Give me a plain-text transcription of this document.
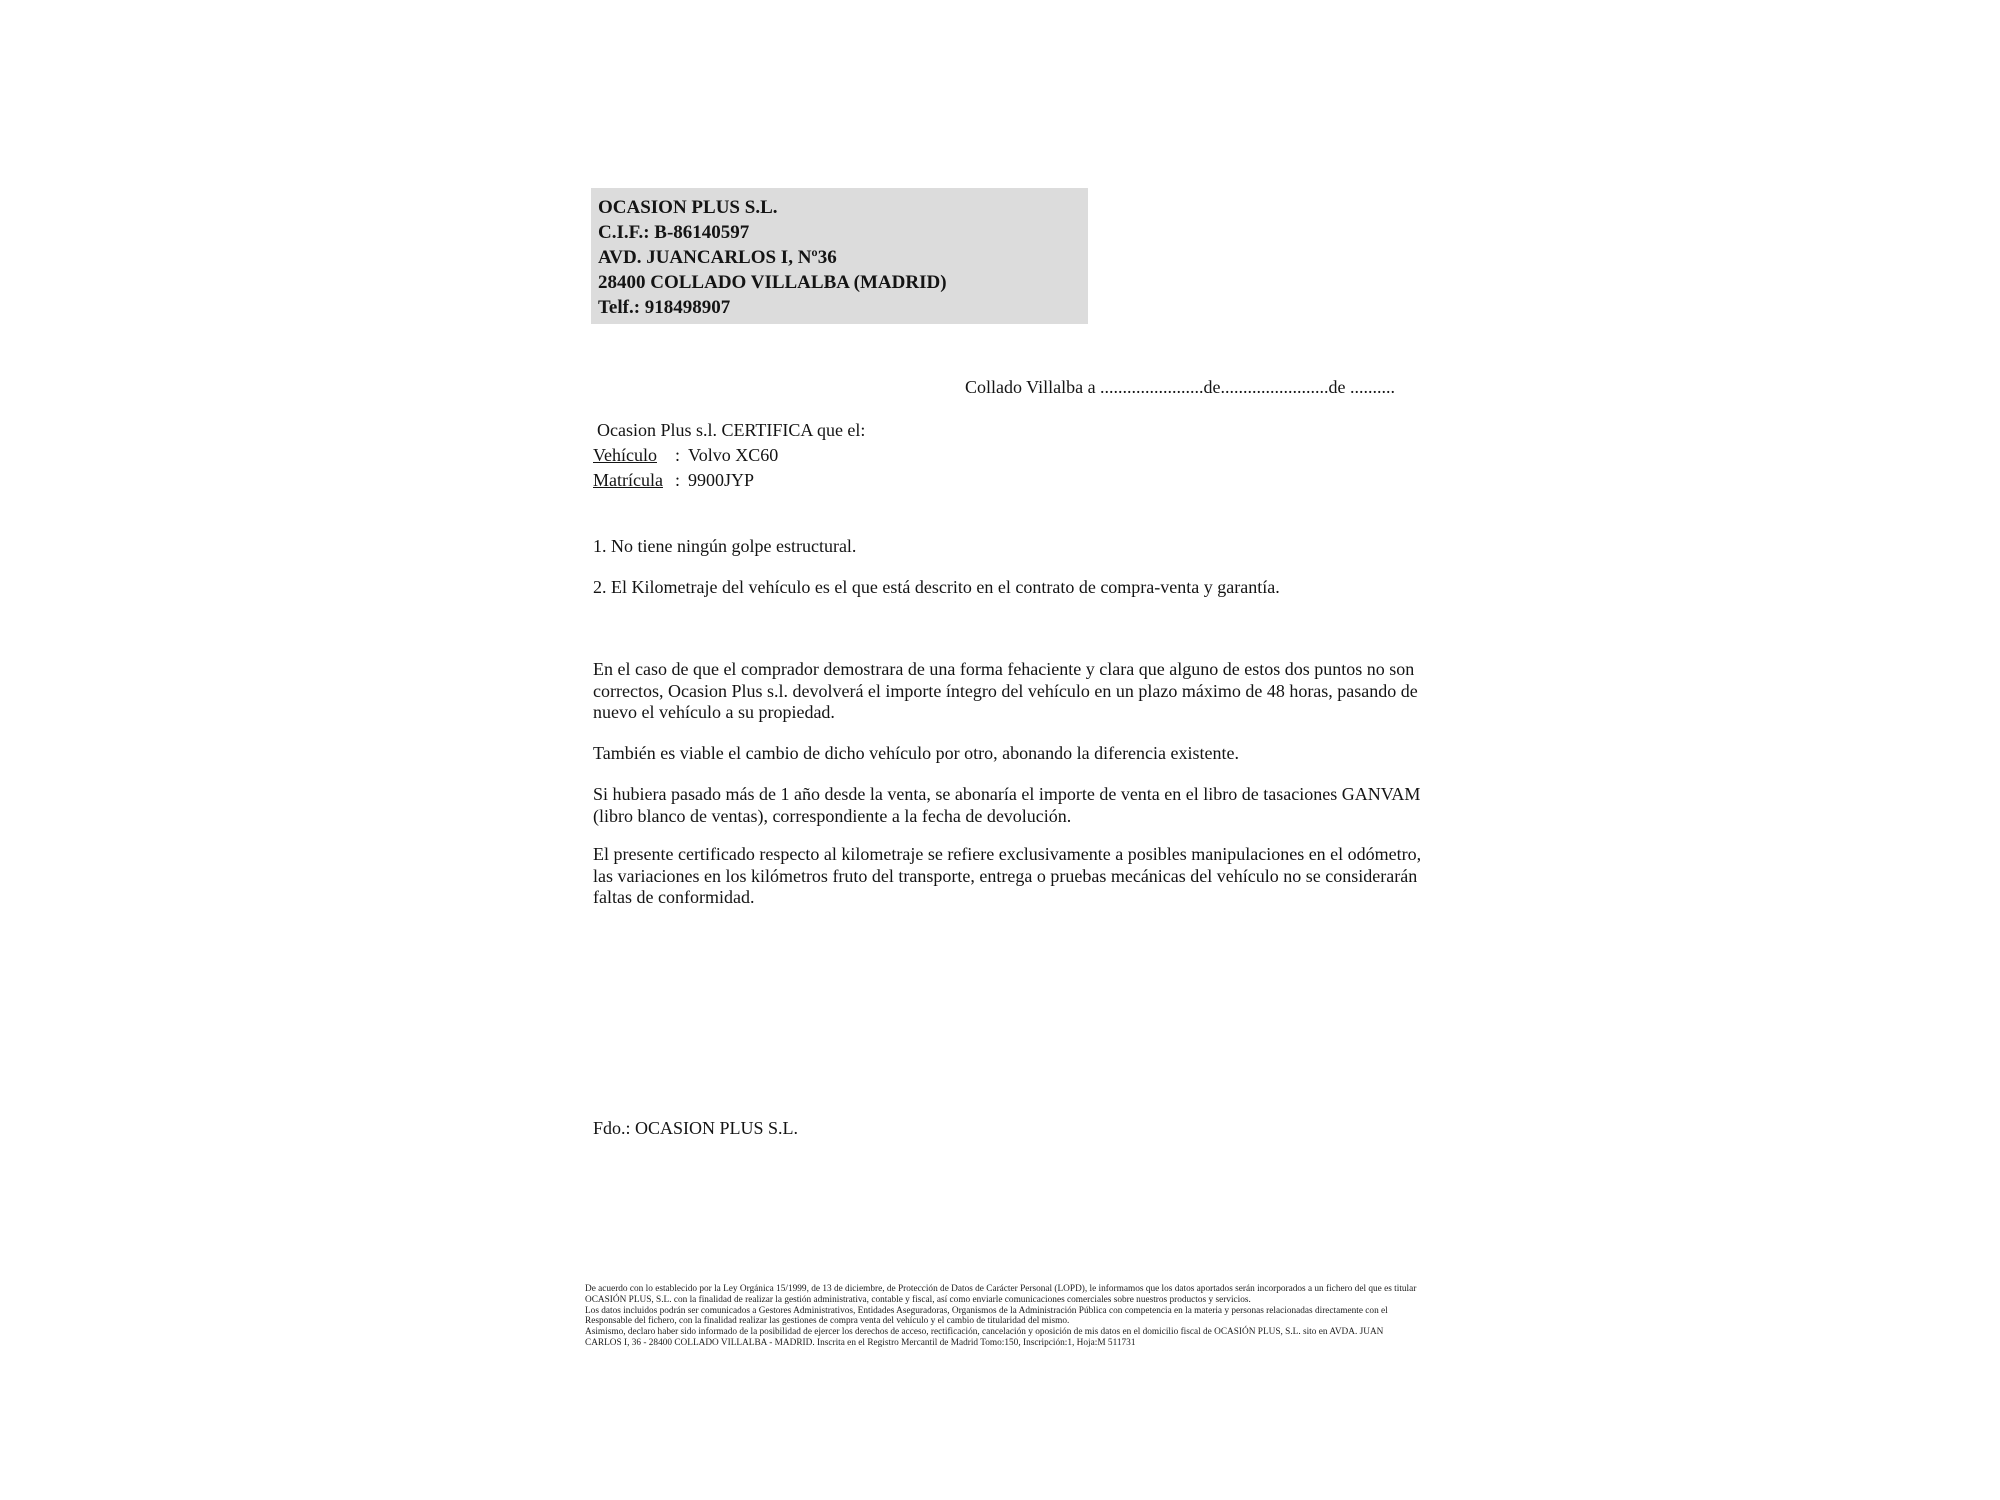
OCASION PLUS S.L.
C.I.F.: B-86140597
AVD. JUANCARLOS I, Nº36
28400 COLLADO VILLALBA (MADRID)
Telf.: 918498907
Collado Villalba a .......................de........................de ..........
Ocasion Plus s.l. CERTIFICA que el:
Vehículo : Volvo XC60
Matrícula : 9900JYP
1. No tiene ningún golpe estructural.
2. El Kilometraje del vehículo es el que está descrito en el contrato de compra-venta y garantía.

En el caso de que el comprador demostrara de una forma fehaciente y clara que alguno de estos dos puntos no son correctos, Ocasion Plus s.l. devolverá el importe íntegro del vehículo en un plazo máximo de 48 horas, pasando de nuevo el vehículo a su propiedad.

También es viable el cambio de dicho vehículo por otro, abonando la diferencia existente.

Si hubiera pasado más de 1 año desde la venta, se abonaría el importe de venta en el libro de tasaciones GANVAM (libro blanco de ventas), correspondiente a la fecha de devolución.

El presente certificado respecto al kilometraje se refiere exclusivamente a posibles manipulaciones en el odómetro, las variaciones en los kilómetros fruto del transporte, entrega o pruebas mecánicas del vehículo no se considerarán faltas de conformidad.

Fdo.: OCASION PLUS S.L.
De acuerdo con lo establecido por la Ley Orgánica 15/1999, de 13 de diciembre, de Protección de Datos de Carácter Personal (LOPD), le informamos que los datos aportados serán incorporados a un fichero del que es titular
OCASIÓN PLUS, S.L. con la finalidad de realizar la gestión administrativa, contable y fiscal, así como enviarle comunicaciones comerciales sobre nuestros productos y servicios.
Los datos incluidos podrán ser comunicados a Gestores Administrativos, Entidades Aseguradoras, Organismos de la Administración Pública con competencia en la materia y personas relacionadas directamente con el
Responsable del fichero, con la finalidad realizar las gestiones de compra venta del vehículo y el cambio de titularidad del mismo.
Asimismo, declaro haber sido informado de la posibilidad de ejercer los derechos de acceso, rectificación, cancelación y oposición de mis datos en el domicilio fiscal de OCASIÓN PLUS, S.L. sito en AVDA. JUAN
CARLOS I, 36 - 28400 COLLADO VILLALBA - MADRID. Inscrita en el Registro Mercantil de Madrid Tomo:150, Inscripción:1, Hoja:M 511731
